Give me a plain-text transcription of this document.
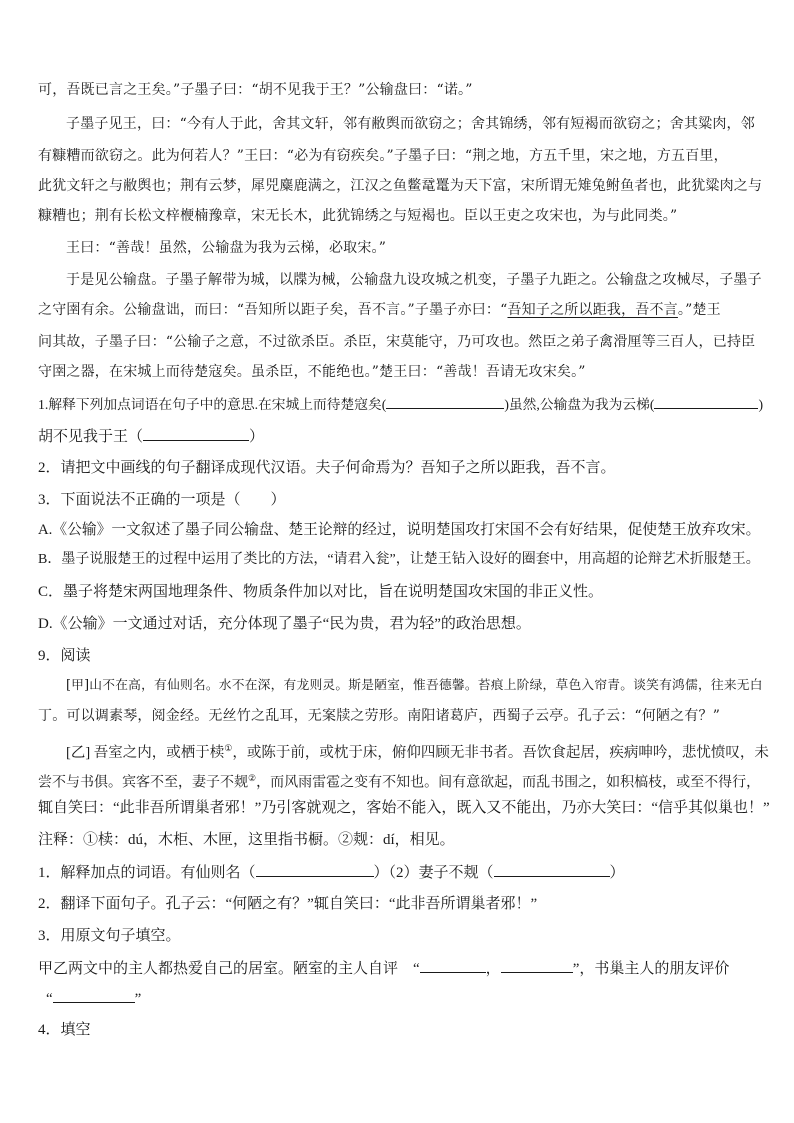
可，吾既已言之王矣。”子墨子曰：“胡不见我于王？”公输盘曰：“诺。”
子墨子见王，曰：“今有人于此，舍其文轩，邻有敝舆而欲窃之；舍其锦绣，邻有短褐而欲窃之；舍其粱肉，邻
有糠糟而欲窃之。此为何若人？”王曰：“必为有窃疾矣。”子墨子曰：“荆之地，方五千里，宋之地，方五百里，
此犹文轩之与敝舆也；荆有云梦，犀兕麋鹿满之，江汉之鱼鳖鼋鼍为天下富，宋所谓无雉兔鲋鱼者也，此犹粱肉之与
糠糟也；荆有长松文梓楩楠豫章，宋无长木，此犹锦绣之与短褐也。臣以王吏之攻宋也，为与此同类。”
王曰：“善哉！虽然，公输盘为我为云梯，必取宋。”
于是见公输盘。子墨子解带为城，以牒为械，公输盘九设攻城之机变，子墨子九距之。公输盘之攻械尽，子墨子
之守圉有余。公输盘诎，而曰：“吾知所以距子矣，吾不言。”子墨子亦曰：“吾知子之所以距我，吾不言。”楚王
问其故，子墨子曰：“公输子之意，不过欲杀臣。杀臣，宋莫能守，乃可攻也。然臣之弟子禽滑厘等三百人，已持臣
守圉之器，在宋城上而待楚寇矣。虽杀臣，不能绝也。”楚王曰：“善哉！吾请无攻宋矣。”
1.解释下列加点词语在句子中的意思.在宋城上而待楚寇矣(	)虽然,公输盘为我为云梯(	)
胡不见我于王（	）
2．请把文中画线的句子翻译成现代汉语。夫子何命焉为？吾知子之所以距我，吾不言。
3．下面说法不正确的一项是（　　）
A.《公输》一文叙述了墨子同公输盘、楚王论辩的经过，说明楚国攻打宋国不会有好结果，促使楚王放弃攻宋。
B．墨子说服楚王的过程中运用了类比的方法，“请君入瓮”，让楚王钻入设好的圈套中，用高超的论辩艺术折服楚王。
C．墨子将楚宋两国地理条件、物质条件加以对比，旨在说明楚国攻宋国的非正义性。
D.《公输》一文通过对话，充分体现了墨子“民为贵，君为轻”的政治思想。
9．阅读
[甲]山不在高，有仙则名。水不在深，有龙则灵。斯是陋室，惟吾德馨。苔痕上阶绿，草色入帘青。谈笑有鸿儒，往来无白
丁。可以调素琴，阅金经。无丝竹之乱耳，无案牍之劳形。南阳诸葛庐，西蜀子云亭。孔子云：“何陋之有？”
[乙] 吾室之内，或栖于椟①，或陈于前，或枕于床，俯仰四顾无非书者。吾饮食起居，疾病呻吟，悲忧愤叹，未
尝不与书俱。宾客不至，妻子不觌②，而风雨雷雹之变有不知也。间有意欲起，而乱书围之，如积槁枝，或至不得行，
辄自笑曰：“此非吾所谓巢者邪！”乃引客就观之，客始不能入，既入又不能出，乃亦大笑曰：“信乎其似巢也！”
注释：①椟：dú，木柜、木匣，这里指书橱。②觌：dí，相见。
1．解释加点的词语。有仙则名（	）（2）妻子不觌（	）
2．翻译下面句子。孔子云：“何陋之有？”辄自笑曰：“此非吾所谓巢者邪！”
3．用原文句子填空。
甲乙两文中的主人都热爱自己的居室。陋室的主人自评　“	，	”，书巢主人的朋友评价
“	”
4．填空
